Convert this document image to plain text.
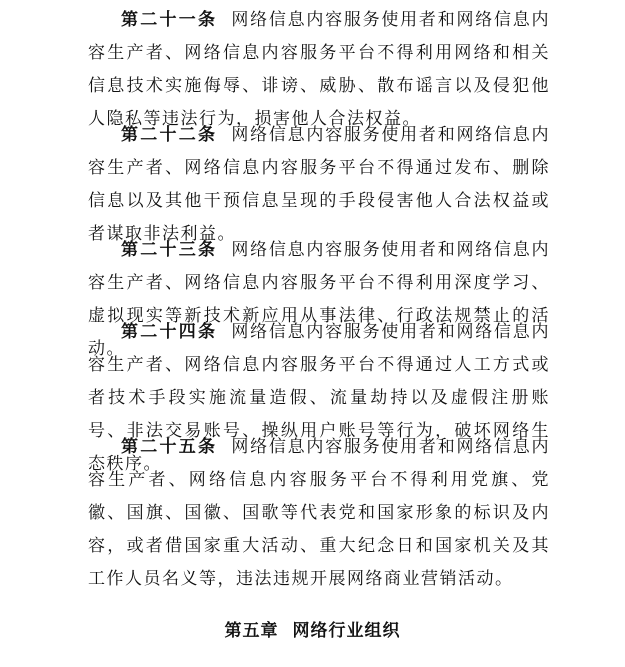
第二十一条 网络信息内容服务使用者和网络信息内容生产者、网络信息内容服务平台不得利用网络和相关信息技术实施侮辱、诽谤、威胁、散布谣言以及侵犯他人隐私等违法行为，损害他人合法权益。

第二十二条 网络信息内容服务使用者和网络信息内容生产者、网络信息内容服务平台不得通过发布、删除信息以及其他干预信息呈现的手段侵害他人合法权益或者谋取非法利益。

第二十三条 网络信息内容服务使用者和网络信息内容生产者、网络信息内容服务平台不得利用深度学习、虚拟现实等新技术新应用从事法律、行政法规禁止的活动。

第二十四条 网络信息内容服务使用者和网络信息内容生产者、网络信息内容服务平台不得通过人工方式或者技术手段实施流量造假、流量劫持以及虚假注册账号、非法交易账号、操纵用户账号等行为，破坏网络生态秩序。

第二十五条 网络信息内容服务使用者和网络信息内容生产者、网络信息内容服务平台不得利用党旗、党徽、国旗、国徽、国歌等代表党和国家形象的标识及内容，或者借国家重大活动、重大纪念日和国家机关及其工作人员名义等，违法违规开展网络商业营销活动。

第五章 网络行业组织
